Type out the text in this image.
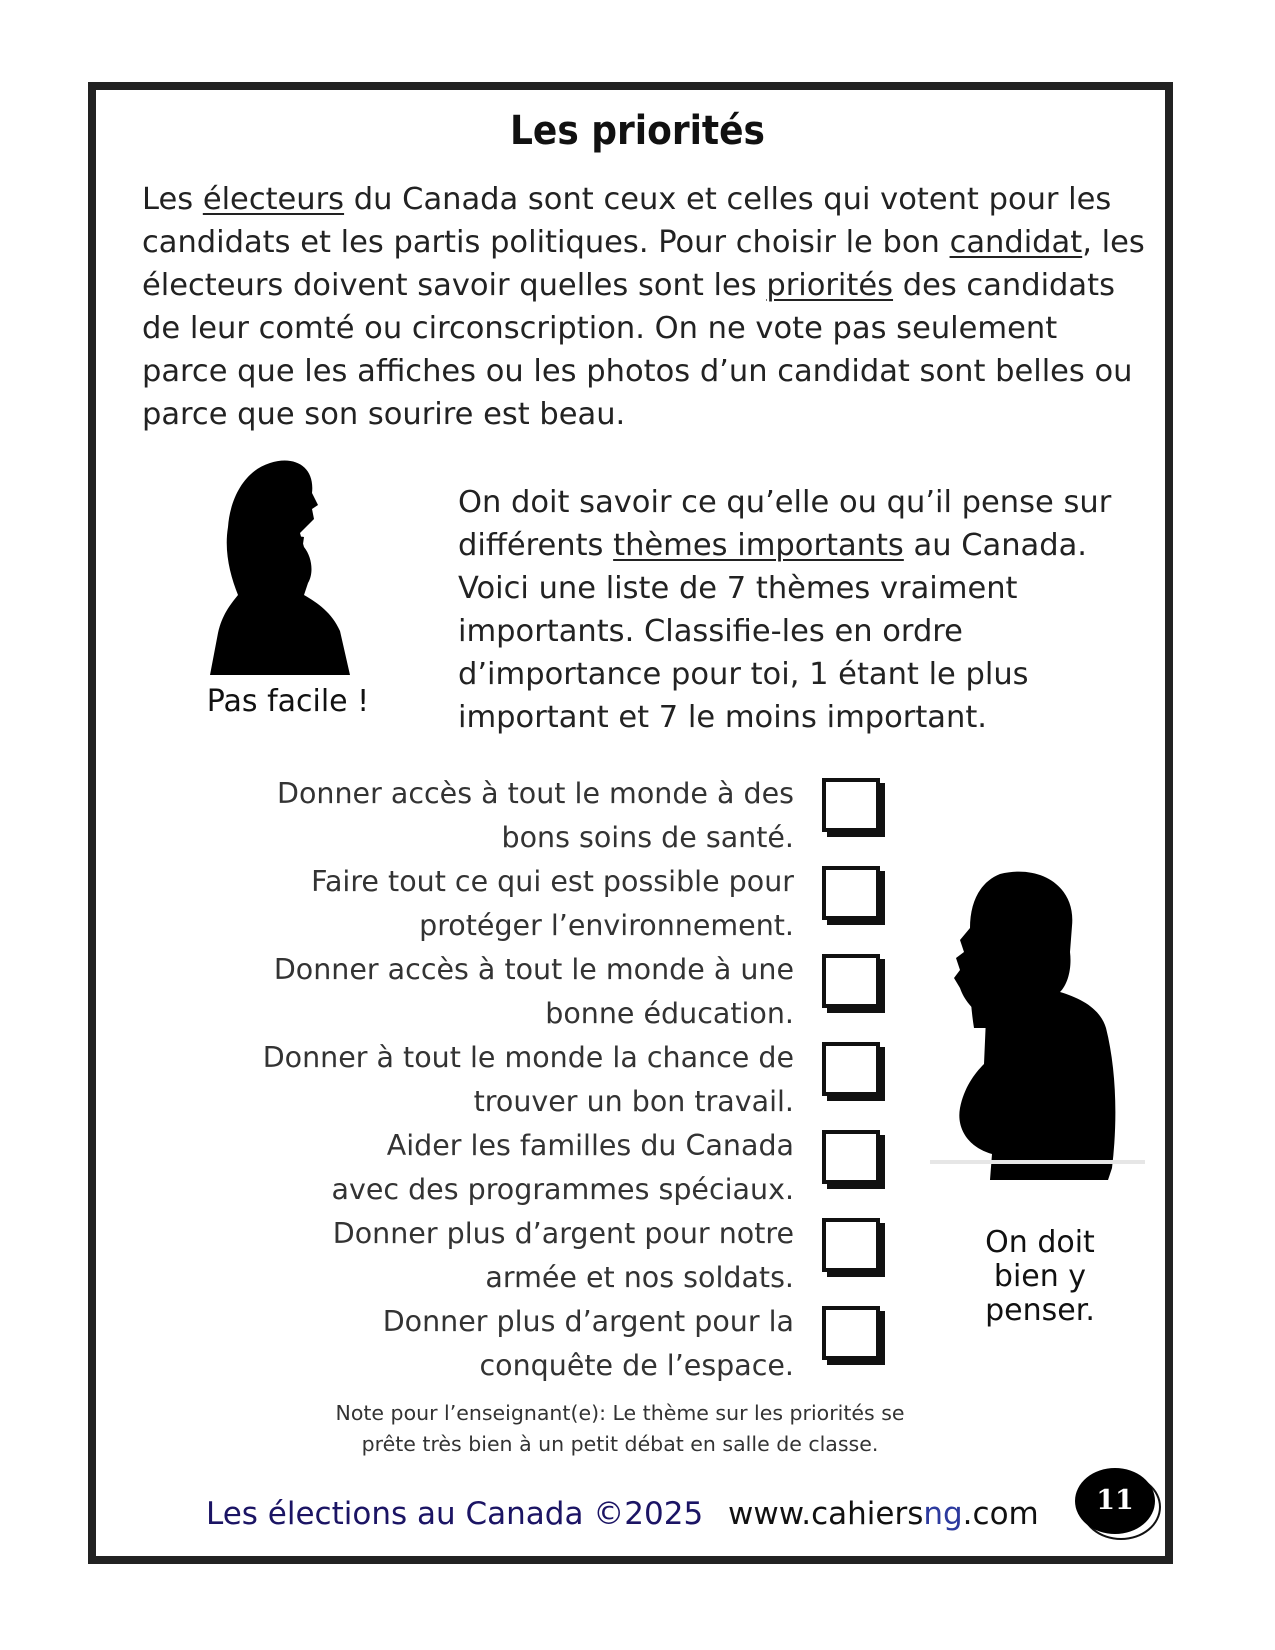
Les priorités

Les électeurs du Canada sont ceux et celles qui votent pour les candidats et les partis politiques. Pour choisir le bon candidat, les électeurs doivent savoir quelles sont les priorités des candidats de leur comté ou circonscription. On ne vote pas seulement parce que les affiches ou les photos d’un candidat sont belles ou parce que son sourire est beau.

Pas facile !

On doit savoir ce qu’elle ou qu’il pense sur différents thèmes importants au Canada. Voici une liste de 7 thèmes vraiment importants. Classifie-les en ordre d’importance pour toi, 1 étant le plus important et 7 le moins important.

Donner accès à tout le monde à des
bons soins de santé.

Faire tout ce qui est possible pour
protéger l’environnement.

Donner accès à tout le monde à une
bonne éducation.

Donner à tout le monde la chance de
trouver un bon travail.

Aider les familles du Canada
avec des programmes spéciaux.

Donner plus d’argent pour notre
armée et nos soldats.

Donner plus d’argent pour la
conquête de l’espace.

On doit
bien y
penser.

Note pour l’enseignant(e): Le thème sur les priorités se
prête très bien à un petit débat en salle de classe.

Les élections au Canada ©2025 www.cahiersng.com	11
